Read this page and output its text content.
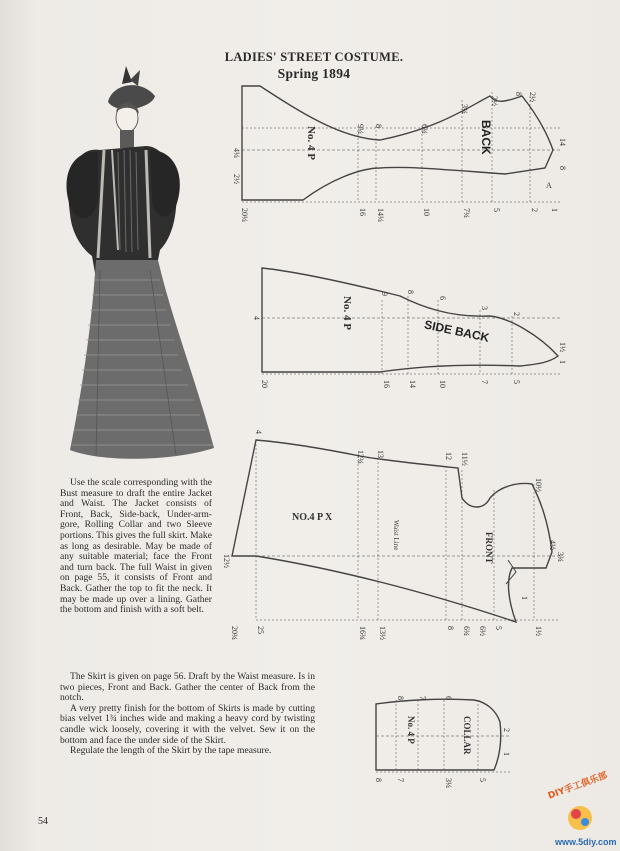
LADIES' STREET COSTUME.
Spring 1894
20¼	16 14¼	10	7¾	5	2 1
9¼ 8	6¾
3¾
2½
8 2½
4¼
2½
14
8
A
No. 4 P	BACK
20	16 14	10	7	5
9 8
6
3
2
4
1½
1
No. 4 P
SIDE BACK
20¾ 25	16¾ 13½	8 6¾ 6½ 5	1½
4
12¾ 13	12 11½
10½
4½
12½	3¾
1
NO.4 P X
Waist Line	FRONT
8 7	3¼	5
8 7 6
2
1
No. 4 P	COLLAR

Use the scale corresponding with the Bust measure to draft the entire Jacket and Waist. The Jacket consists of Front, Back, Side-back, Under-arm-gore, Rolling Collar and two Sleeve portions. This gives the full skirt. Make as long as desirable. May be made of any suitable material; face the Front and turn back. The full Waist in given on page 55, it consists of Front and Back. Gather the top to fit the neck. It may be made up over a lining. Gather the bottom and finish with a soft belt.

The Skirt is given on page 56. Draft by the Waist measure. Is in two pieces, Front and Back. Gather the center of Back from the notch.

A very pretty finish for the bottom of Skirts is made by cutting bias velvet 1¾ inches wide and making a heavy cord by twisting candle wick loosely, covering it with the velvet. Sew it on the bottom and face the under side of the Skirt.

Regulate the length of the Skirt by the tape measure.

54
DIY手工俱乐部
www.5diy.com
